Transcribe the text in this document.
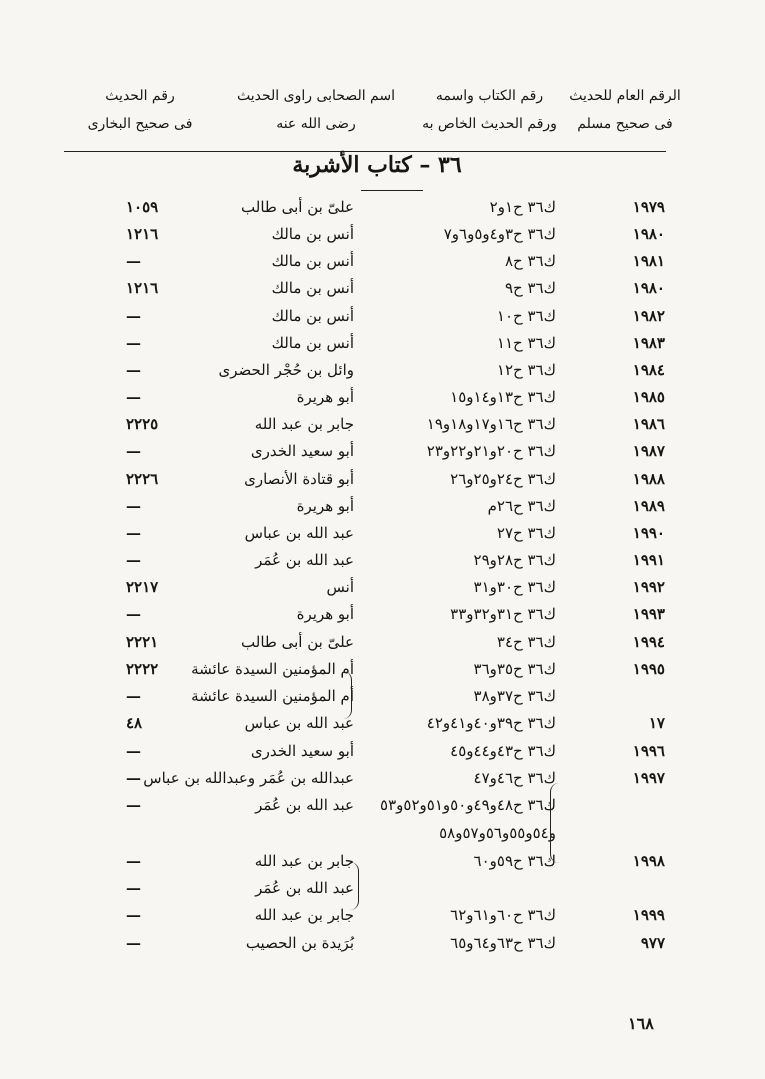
الرقم العام للحديث
فى صحيح مسلم
رقم الكتاب واسمه
ورقم الحديث الخاص به
اسم الصحابى راوى الحديث
رضى الله عنه
رقم الحديث
فى صحيح البخارى
٣٦ – كتاب الأشربة
١٩٧٩
ك٣٦ ح١و٢
علىّ بن أبى طالب
١٠٥٩
١٩٨٠
ك٣٦ ح٣و٤و٥و٦و٧
أنس بن مالك
١٢١٦
١٩٨١
ك٣٦ ح٨
أنس بن مالك
—
١٩٨٠
ك٣٦ ح٩
أنس بن مالك
١٢١٦
١٩٨٢
ك٣٦ ح١٠
أنس بن مالك
—
١٩٨٣
ك٣٦ ح١١
أنس بن مالك
—
١٩٨٤
ك٣٦ ح١٢
وائل بن حُجْر الحضرى
—
١٩٨٥
ك٣٦ ح١٣و١٤و١٥
أبو هريرة
—
١٩٨٦
ك٣٦ ح١٦و١٧و١٨و١٩
جابر بن عبد الله
٢٢٢٥
١٩٨٧
ك٣٦ ح٢٠و٢١و٢٢و٢٣
أبو سعيد الخدرى
—
١٩٨٨
ك٣٦ ح٢٤و٢٥و٢٦
أبو قتادة الأنصارى
٢٢٢٦
١٩٨٩
ك٣٦ ح٢٦م
أبو هريرة
—
١٩٩٠
ك٣٦ ح٢٧
عبد الله بن عباس
—
١٩٩١
ك٣٦ ح٢٨و٢٩
عبد الله بن عُمَر
—
١٩٩٢
ك٣٦ ح٣٠و٣١
أنس
٢٢١٧
١٩٩٣
ك٣٦ ح٣١و٣٢و٣٣
أبو هريرة
—
١٩٩٤
ك٣٦ ح٣٤
علىّ بن أبى طالب
٢٢٢١
١٩٩٥
ك٣٦ ح٣٥و٣٦
أم المؤمنين السيدة عائشة
٢٢٢٢
ك٣٦ ح٣٧و٣٨
أم المؤمنين السيدة عائشة
—
١٧
ك٣٦ ح٣٩و٤٠و٤١و٤٢
عبد الله بن عباس
٤٨
١٩٩٦
ك٣٦ ح٤٣و٤٤و٤٥
أبو سعيد الخدرى
—
١٩٩٧
ك٣٦ ح٤٦و٤٧
عبدالله بن عُمَر وعبدالله بن عباس
—
ك٣٦ ح٤٨و٤٩و٥٠و٥١و٥٢و٥٣
عبد الله بن عُمَر
—
و٥٤و٥٥و٥٦و٥٧و٥٨
١٩٩٨
ك٣٦ ح٥٩و٦٠
جابر بن عبد الله
—
عبد الله بن عُمَر
—
١٩٩٩
ك٣٦ ح٦٠و٦١و٦٢
جابر بن عبد الله
—
٩٧٧
ك٣٦ ح٦٣و٦٤و٦٥
بُرَيدة بن الحصيب
—
١٦٨
